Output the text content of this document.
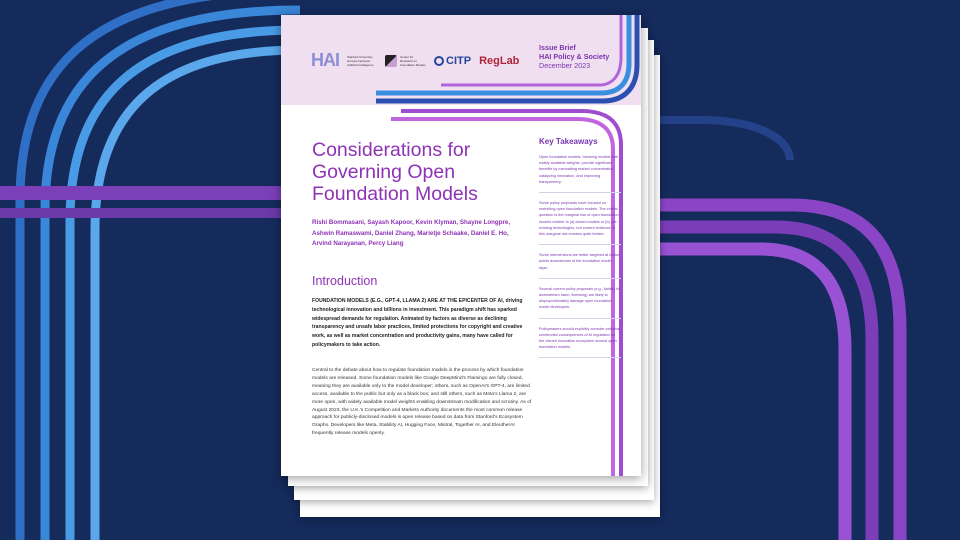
HAI	Stanford University Human-Centered Artificial Intelligence
Center for Research on Foundation Models CITP RegLab
Issue Brief
HAI Policy & Society
December 2023
Considerations for Governing Open Foundation Models
Rishi Bommasani, Sayash Kapoor, Kevin Klyman, Shayne Longpre, Ashwin Ramaswami, Daniel Zhang, Marietje Schaake, Daniel E. Ho, Arvind Narayanan, Percy Liang
Introduction
FOUNDATION MODELS (E.G., GPT-4, LLAMA 2) ARE AT THE EPICENTER OF AI, driving technological innovation and billions in investment. This paradigm shift has sparked widespread demands for regulation. Animated by factors as diverse as declining transparency and unsafe labor practices, limited protections for copyright and creative work, as well as market concentration and productivity gains, many have called for policymakers to take action.
Central to the debate about how to regulate foundation models is the process by which foundation models are released. Some foundation models like Google DeepMind's Flamingo are fully closed, meaning they are available only to the model developer; others, such as OpenAI's GPT-4, are limited access, available to the public but only as a black box; and still others, such as Meta's Llama 2, are more open, with widely available model weights enabling downstream modification and scrutiny. As of August 2023, the U.K.'s Competition and Markets Authority documents the most common release approach for publicly-disclosed models is open release based on data from Stanford's Ecosystem Graphs. Developers like Meta, Stability AI, Hugging Face, Mistral, Together AI, and EleutherAI frequently release models openly.
Key Takeaways
Open foundation models, meaning models with widely available weights, provide significant benefits by combatting market concentration, catalyzing innovation, and improving transparency.
Some policy proposals have focused on restricting open foundation models. The critical question is the marginal risk of open foundation models relative to (a) closed models or (b) pre-existing technologies, but current evidence of this marginal risk remains quite limited.
Some interventions are better targeted at choke points downstream of the foundation model layer.
Several current policy proposals (e.g., liability for downstream harm, licensing) are likely to disproportionately damage open foundation model developers.
Policymakers should explicitly consider potential unintended consequences of AI regulation on the vibrant innovation ecosystem around open foundation models.
